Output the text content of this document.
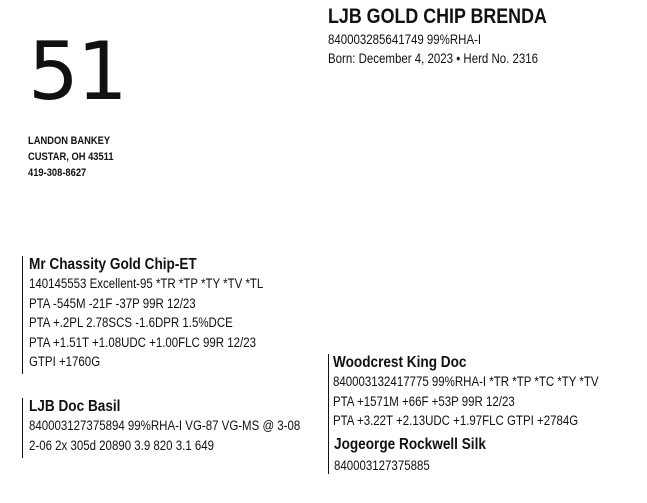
51
LJB GOLD CHIP BRENDA
840003285641749 99%RHA-I
Born: December 4, 2023 • Herd No. 2316
LANDON BANKEY
CUSTAR, OH 43511
419-308-8627
Mr Chassity Gold Chip-ET
140145553 Excellent-95 *TR *TP *TY *TV *TL
PTA -545M -21F -37P 99R 12/23
PTA +.2PL 2.78SCS -1.6DPR 1.5%DCE
PTA +1.51T +1.08UDC +1.00FLC 99R 12/23
GTPI +1760G
LJB Doc Basil
840003127375894 99%RHA-I VG-87 VG-MS @ 3-08
2-06 2x 305d 20890 3.9 820 3.1 649
Woodcrest King Doc
840003132417775 99%RHA-I *TR *TP *TC *TY *TV
PTA +1571M +66F +53P 99R 12/23
PTA +3.22T +2.13UDC +1.97FLC GTPI +2784G
Jogeorge Rockwell Silk
840003127375885
